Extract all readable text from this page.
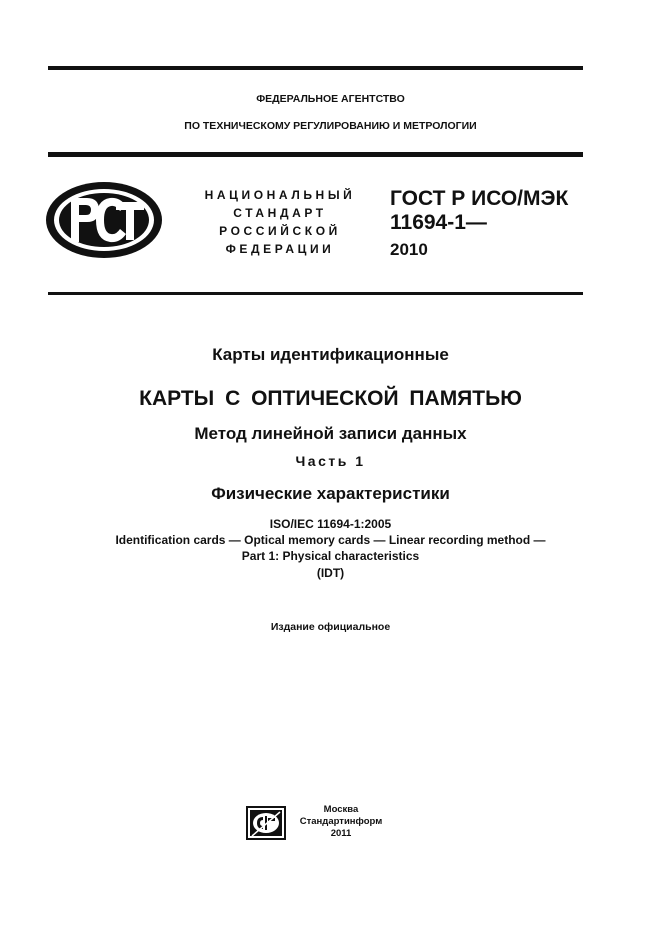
ФЕДЕРАЛЬНОЕ АГЕНТСТВО
ПО ТЕХНИЧЕСКОМУ РЕГУЛИРОВАНИЮ И МЕТРОЛОГИИ
НАЦИОНАЛЬНЫЙ
СТАНДАРТ
РОССИЙСКОЙ
ФЕДЕРАЦИИ
ГОСТ Р ИСО/МЭК
11694-1—
2010
Карты идентификационные
КАРТЫ С ОПТИЧЕСКОЙ ПАМЯТЬЮ
Метод линейной записи данных
Часть 1
Физические характеристики
ISO/IEC 11694-1:2005
Identification cards — Optical memory cards — Linear recording method —
Part 1: Physical characteristics
(IDT)
Издание официальное
Москва
Стандартинформ
2011
